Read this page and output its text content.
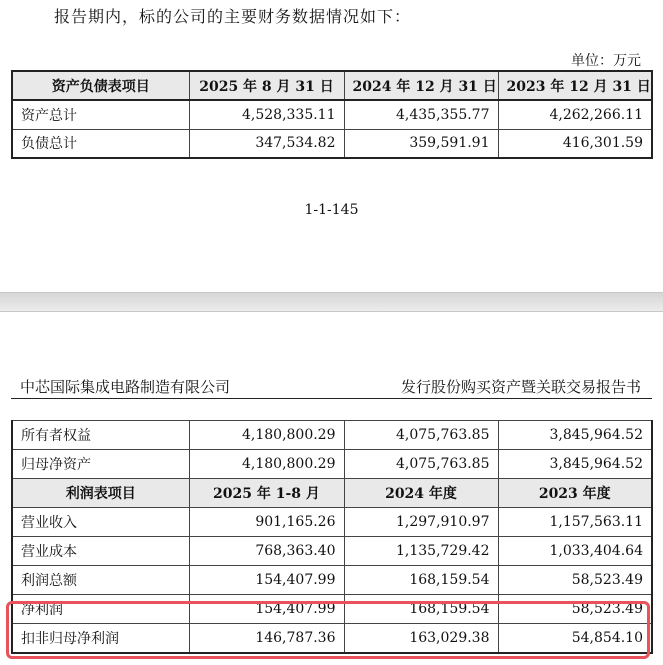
报告期内，标的公司的主要财务数据情况如下：
单位：万元
资产负债表项目	2025 年 8 月 31 日	2024 年 12 月 31 日	2023 年 12 月 31 日
资产总计	4,528,335.11	4,435,355.77	4,262,266.11
负债总计	347,534.82	359,591.91	416,301.59
1-1-145
中芯国际集成电路制造有限公司	发行股份购买资产暨关联交易报告书
所有者权益	4,180,800.29	4,075,763.85	3,845,964.52
归母净资产	4,180,800.29	4,075,763.85	3,845,964.52
利润表项目	2025 年 1-8 月	2024 年度	2023 年度
营业收入	901,165.26	1,297,910.97	1,157,563.11
营业成本	768,363.40	1,135,729.42	1,033,404.64
利润总额	154,407.99	168,159.54	58,523.49
净利润	154,407.99	168,159.54	58,523.49
扣非归母净利润	146,787.36	163,029.38	54,854.10
